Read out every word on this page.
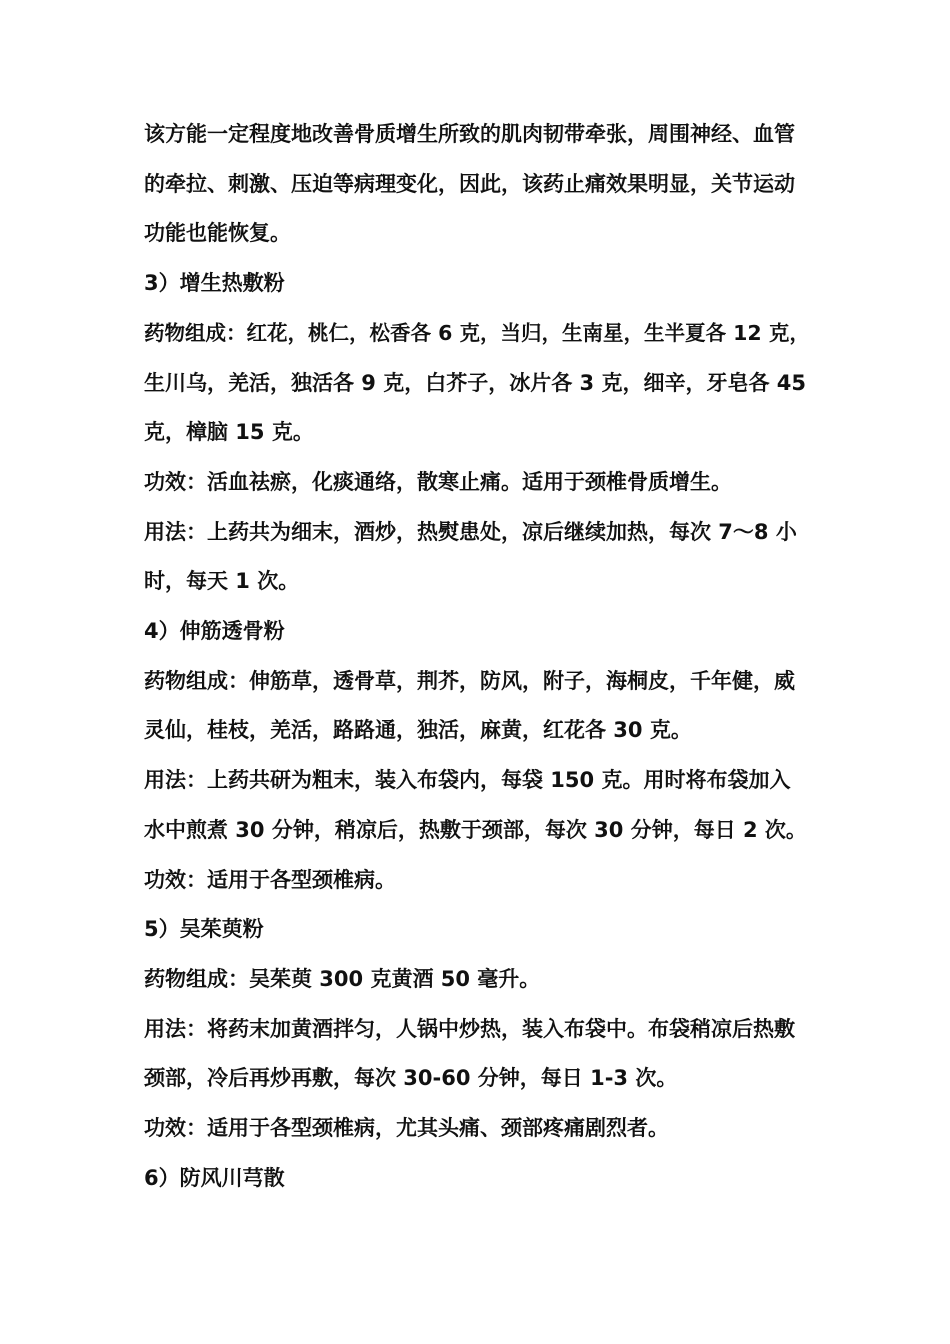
该方能一定程度地改善骨质增生所致的肌肉韧带牵张，周围神经、血管
的牵拉、刺激、压迫等病理变化，因此，该药止痛效果明显，关节运动
功能也能恢复。
3）增生热敷粉
药物组成：红花，桃仁，松香各 6 克，当归，生南星，生半夏各 12 克，
生川乌，羌活，独活各 9 克，白芥子，冰片各 3 克，细辛，牙皂各 45
克，樟脑 15 克。
功效：活血祛瘀，化痰通络，散寒止痛。适用于颈椎骨质增生。
用法：上药共为细末，酒炒，热熨患处，凉后继续加热，每次 7～8 小
时，每天 1 次。
4）伸筋透骨粉
药物组成：伸筋草，透骨草，荆芥，防风，附子，海桐皮，千年健，威
灵仙，桂枝，羌活，路路通，独活，麻黄，红花各 30 克。
用法：上药共研为粗末，装入布袋内，每袋 150 克。用时将布袋加入
水中煎煮 30 分钟，稍凉后，热敷于颈部，每次 30 分钟，每日 2 次。
功效：适用于各型颈椎病。
5）吴茱萸粉
药物组成：吴茱萸 300 克黄酒 50 毫升。
用法：将药末加黄酒拌匀，人锅中炒热，装入布袋中。布袋稍凉后热敷
颈部，冷后再炒再敷，每次 30-60 分钟，每日 1-3 次。
功效：适用于各型颈椎病，尤其头痛、颈部疼痛剧烈者。
6）防风川芎散
